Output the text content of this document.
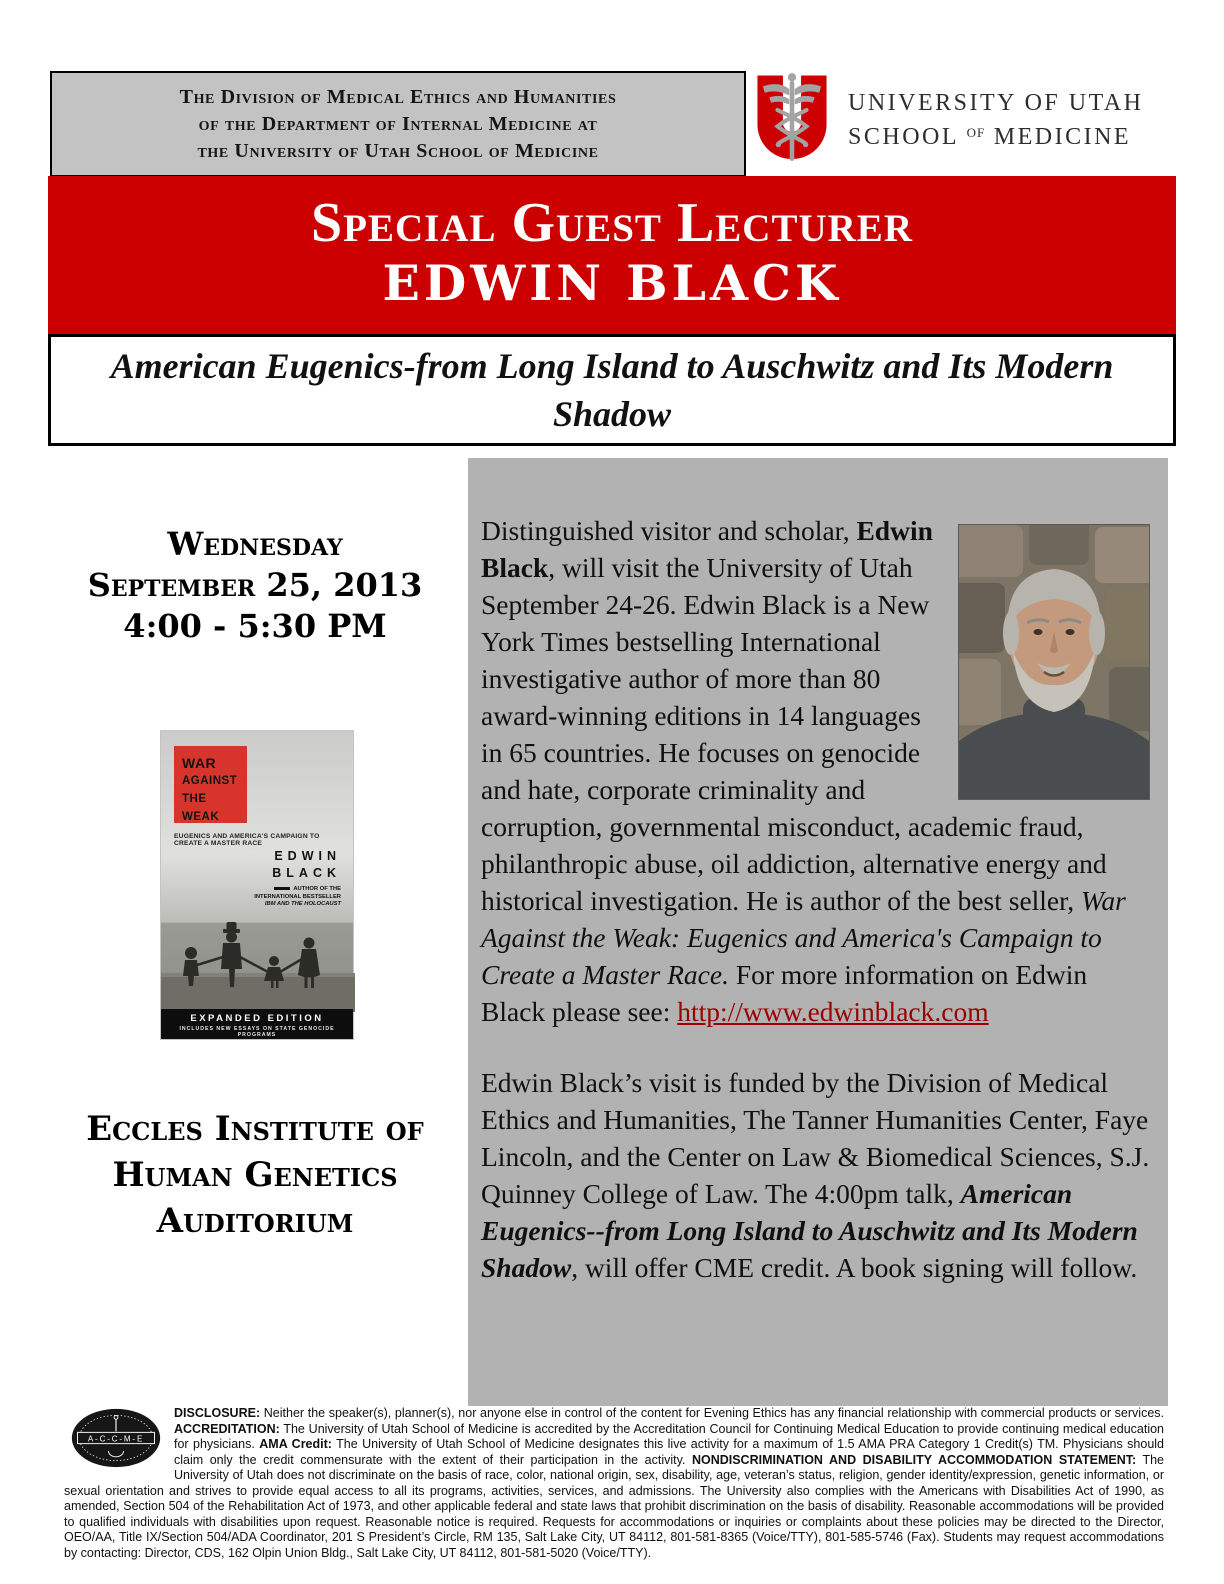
The Division of Medical Ethics and Humanities
of the Department of Internal Medicine at
the University of Utah School of Medicine
UNIVERSITY OF UTAH
SCHOOL $^{OF}$ MEDICINE
Special Guest Lecturer
EDWIN BLACK
American Eugenics-from Long Island to Auschwitz and Its Modern Shadow
Wednesday
September 25, 2013
4:00 - 5:30 PM
WAR
AGAINST
THE WEAK
EUGENICS AND AMERICA'S CAMPAIGN TO CREATE A MASTER RACE
EDWIN
BLACK
AUTHOR OF THE
INTERNATIONAL BESTSELLER
IBM AND THE HOLOCAUST
EXPANDED EDITION
INCLUDES NEW ESSAYS ON STATE GENOCIDE PROGRAMS
Eccles Institute of
Human Genetics
Auditorium

Distinguished visitor and scholar, Edwin Black, will visit the University of Utah September 24-26. Edwin Black is a New York Times bestselling International investigative author of more than 80 award-winning editions in 14 languages in 65 countries. He focuses on genocide and hate, corporate criminality and corruption, governmental misconduct, academic fraud, philanthropic abuse, oil addiction, alternative energy and historical investigation. He is author of the best seller, War Against the Weak: Eugenics and America's Campaign to Create a Master Race. For more information on Edwin Black please see: http://www.edwinblack.com

Edwin Black’s visit is funded by the Division of Medical Ethics and Humanities, The Tanner Humanities Center, Faye Lincoln, and the Center on Law & Biomedical Sciences, S.J. Quinney College of Law. The 4:00pm talk, American Eugenics--from Long Island to Auschwitz and Its Modern Shadow, will offer CME credit. A book signing will follow.

A-C-C-M-E

DISCLOSURE: Neither the speaker(s), planner(s), nor anyone else in control of the content for Evening Ethics has any financial relationship with commercial products or services. ACCREDITATION: The University of Utah School of Medicine is accredited by the Accreditation Council for Continuing Medical Education to provide continuing medical education for physicians. AMA Credit: The University of Utah School of Medicine designates this live activity for a maximum of 1.5 AMA PRA Category 1 Credit(s) TM. Physicians should claim only the credit commensurate with the extent of their participation in the activity. NONDISCRIMINATION AND DISABILITY ACCOMMODATION STATEMENT: The University of Utah does not discriminate on the basis of race, color, national origin, sex, disability, age, veteran’s status, religion, gender identity/expression, genetic information, or sexual orientation and strives to provide equal access to all its programs, activities, services, and admissions. The University also complies with the Americans with Disabilities Act of 1990, as amended, Section 504 of the Rehabilitation Act of 1973, and other applicable federal and state laws that prohibit discrimination on the basis of disability. Reasonable accommodations will be provided to qualified individuals with disabilities upon request. Reasonable notice is required. Requests for accommodations or inquiries or complaints about these policies may be directed to the Director, OEO/AA, Title IX/Section 504/ADA Coordinator, 201 S President’s Circle, RM 135, Salt Lake City, UT 84112, 801-581-8365 (Voice/TTY), 801-585-5746 (Fax). Students may request accommodations by contacting: Director, CDS, 162 Olpin Union Bldg., Salt Lake City, UT 84112, 801-581-5020 (Voice/TTY).
